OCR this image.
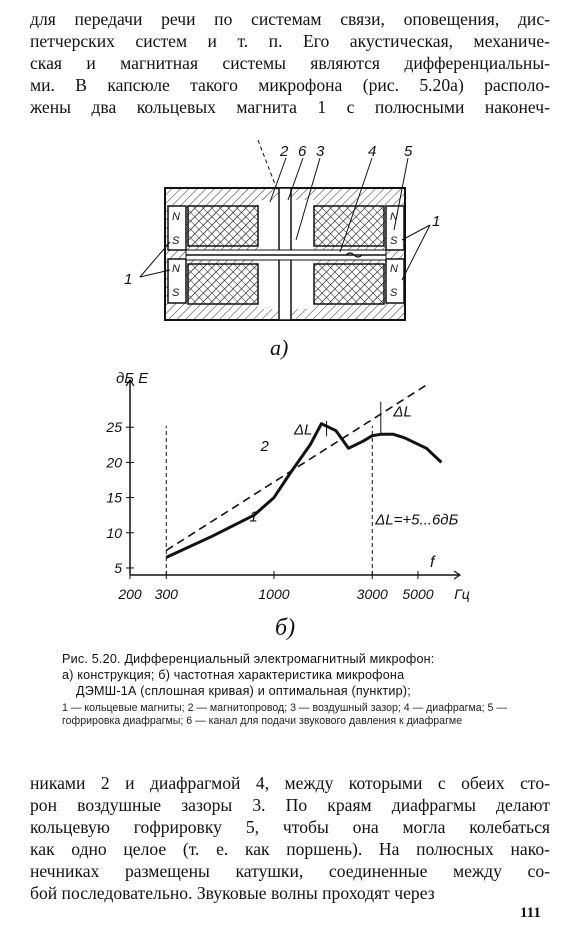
для передачи речи по системам связи, оповещения, дис-
петчерских систем и т. п. Его акустическая, механиче-
ская и магнитная системы являются дифференциальны-
ми. В капсюле такого микрофона (рис. 5.20а) располо-
жены два кольцевых магнита 1 с полюсными наконеч-
N
S
N
S
N
S
N
S
2 6 3	4 5
1
1
а)
5
10
15
20
25
200 300	1000	3000 5000 Гц
дБ E
f
1
2
ΔL
ΔL
ΔL=+5...6дБ
б)
Рис. 5.20. Дифференциальный электромагнитный микрофон:
а) конструкция; б) частотная характеристика микрофона
ДЭМШ-1А (сплошная кривая) и оптимальная (пунктир);
1 — кольцевые магниты; 2 — магнитопровод; 3 — воздушный зазор; 4 — диафрагма; 5 — гофрировка диафрагмы; 6 — канал для подачи звукового давления к диафрагме
никами 2 и диафрагмой 4, между которыми с обеих сто-
рон воздушные зазоры 3. По краям диафрагмы делают
кольцевую гофрировку 5, чтобы она могла колебаться
как одно целое (т. е. как поршень). На полюсных нако-
нечниках размещены катушки, соединенные между со-
бой последовательно. Звуковые волны проходят через
111
